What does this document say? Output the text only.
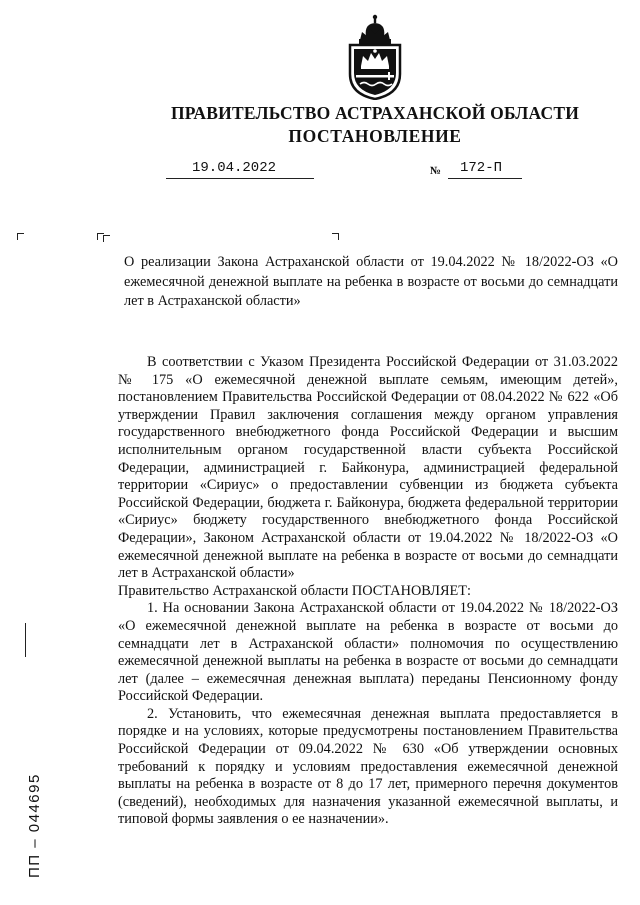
ПРАВИТЕЛЬСТВО АСТРАХАНСКОЙ ОБЛАСТИ
ПОСТАНОВЛЕНИЕ
19.04.2022	№ 172-П
О реализации Закона Астраханской области от 19.04.2022 № 18/2022-ОЗ «О ежемесячной денежной выплате на ребенка в возрасте от восьми до семнадцати лет в Астраханской области»

В соответствии с Указом Президента Российской Федерации от 31.03.2022 № 175 «О ежемесячной денежной выплате семьям, имеющим детей», постановлением Правительства Российской Федерации от 08.04.2022 № 622 «Об утверждении Правил заключения соглашения между органом управления государственного внебюджетного фонда Российской Федерации и высшим исполнительным органом государственной власти субъекта Российской Федерации, администрацией г. Байконура, администрацией федеральной территории «Сириус» о предоставлении субвенции из бюджета субъекта Российской Федерации, бюджета г. Байконура, бюджета федеральной территории «Сириус» бюджету государственного внебюджетного фонда Российской Федерации», Законом Астраханской области от 19.04.2022 № 18/2022-ОЗ «О ежемесячной денежной выплате на ребенка в возрасте от восьми до семнадцати лет в Астраханской области»

Правительство Астраханской области ПОСТАНОВЛЯЕТ:

1. На основании Закона Астраханской области от 19.04.2022 № 18/2022-ОЗ «О ежемесячной денежной выплате на ребенка в возрасте от восьми до семнадцати лет в Астраханской области» полномочия по осуществлению ежемесячной денежной выплаты на ребенка в возрасте от восьми до семнадцати лет (далее – ежемесячная денежная выплата) переданы Пенсионному фонду Российской Федерации.

2. Установить, что ежемесячная денежная выплата предоставляется в порядке и на условиях, которые предусмотрены постановлением Правительства Российской Федерации от 09.04.2022 № 630 «Об утверждении основных требований к порядку и условиям предоставления ежемесячной денежной выплаты на ребенка в возрасте от 8 до 17 лет, примерного перечня документов (сведений), необходимых для назначения указанной ежемесячной выплаты, и типовой формы заявления о ее назначении».

ПП – 044695
